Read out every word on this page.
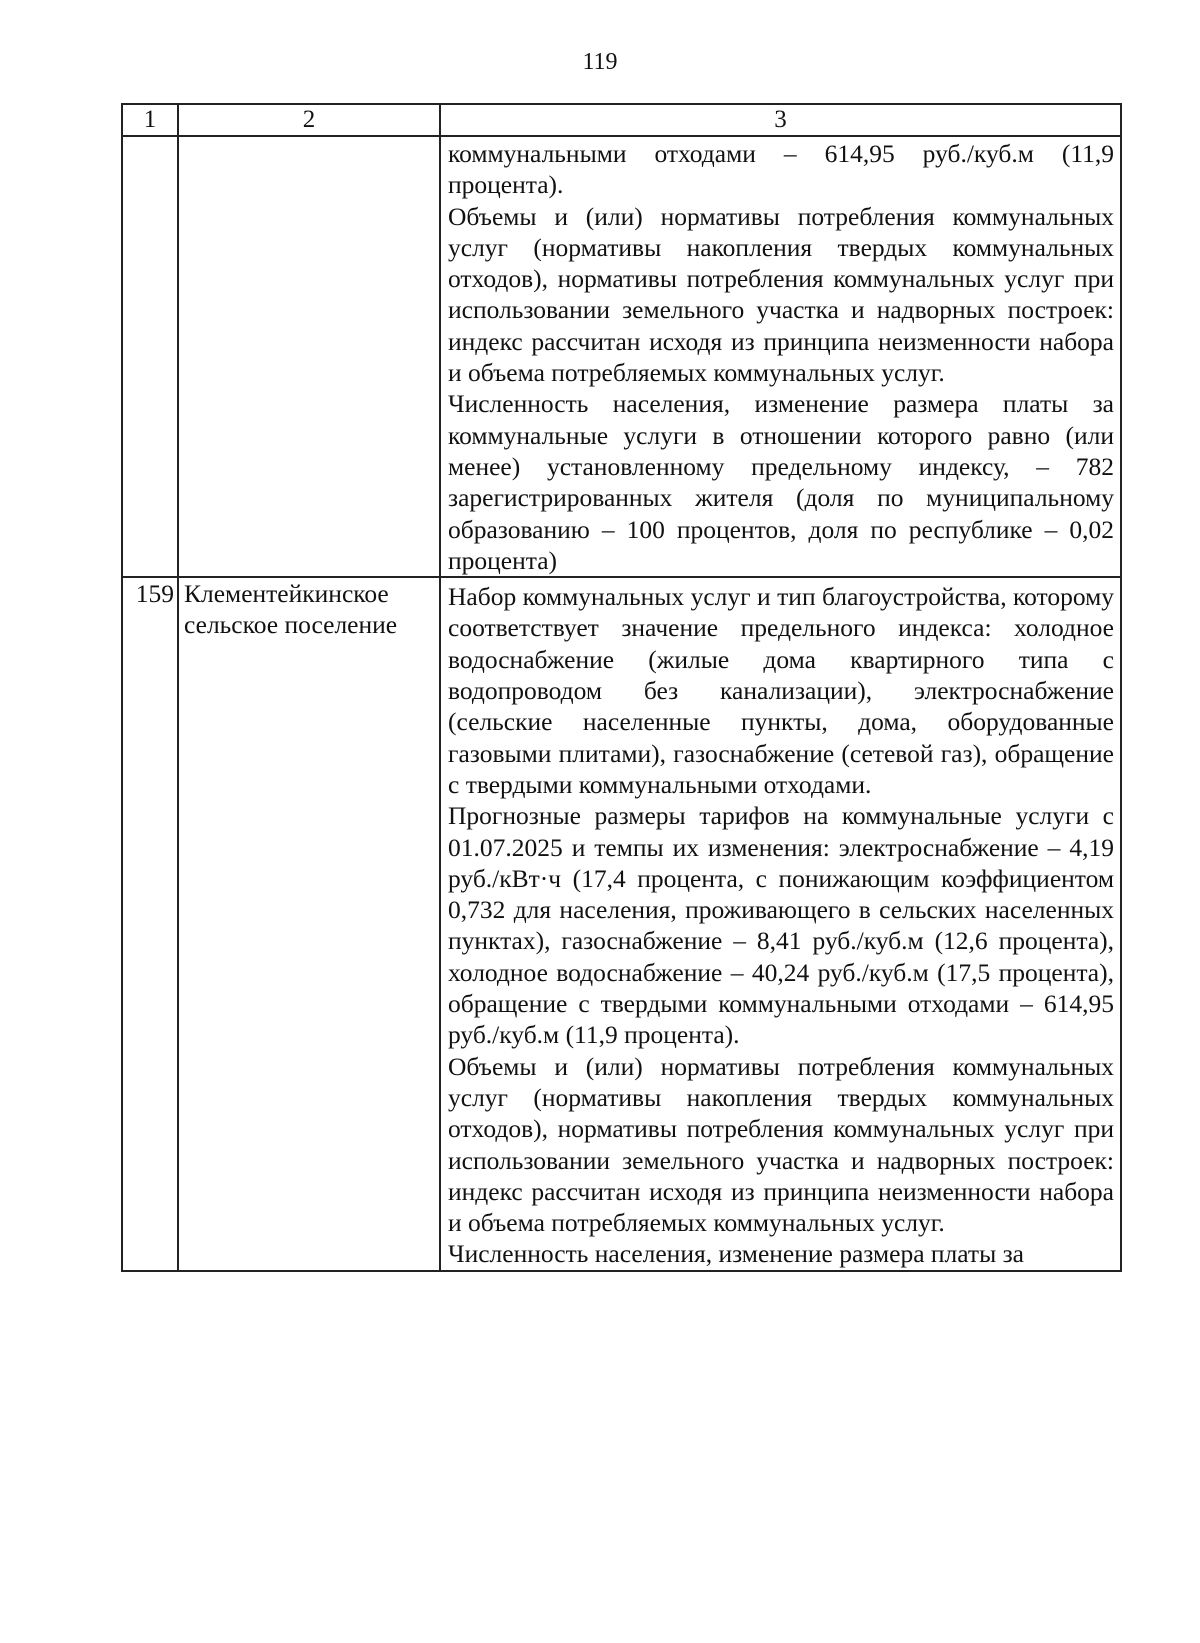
119
1	2	3

		коммунальными отходами – 614,95 руб./куб.м (11,9 процента).

Объемы и (или) нормативы потребления коммунальных услуг (нормативы накопления твердых коммунальных отходов), нормативы потребления коммунальных услуг при использовании земельного участка и надворных построек: индекс рассчитан исходя из принципа неизменности набора и объема потребляемых коммунальных услуг.

Численность населения, изменение размера платы за коммунальные услуги в отношении которого равно (или менее) установленному предельному индексу, – 782 зарегистрированных жителя (доля по муниципальному образованию – 100 процентов, доля по республике – 0,02 процента)

159	Клементейкинское сельское поселение	Набор коммунальных услуг и тип благоустройства, которому соответствует значение предельного индекса: холодное водоснабжение (жилые дома квартирного типа с водопроводом без канализации), электроснабжение (сельские населенные пункты, дома, оборудованные газовыми плитами), газоснабжение (сетевой газ), обращение с твердыми коммунальными отходами.

Прогнозные размеры тарифов на коммунальные услуги с 01.07.2025 и темпы их изменения: электроснабжение – 4,19 руб./кВт·ч (17,4 процента, с понижающим коэффициентом 0,732 для населения, проживающего в сельских населенных пунктах), газоснабжение – 8,41 руб./куб.м (12,6 процента), холодное водоснабжение – 40,24 руб./куб.м (17,5 процента), обращение с твердыми коммунальными отходами – 614,95 руб./куб.м (11,9 процента).

Объемы и (или) нормативы потребления коммунальных услуг (нормативы накопления твердых коммунальных отходов), нормативы потребления коммунальных услуг при использовании земельного участка и надворных построек: индекс рассчитан исходя из принципа неизменности набора и объема потребляемых коммунальных услуг.

Численность населения, изменение размера платы за
